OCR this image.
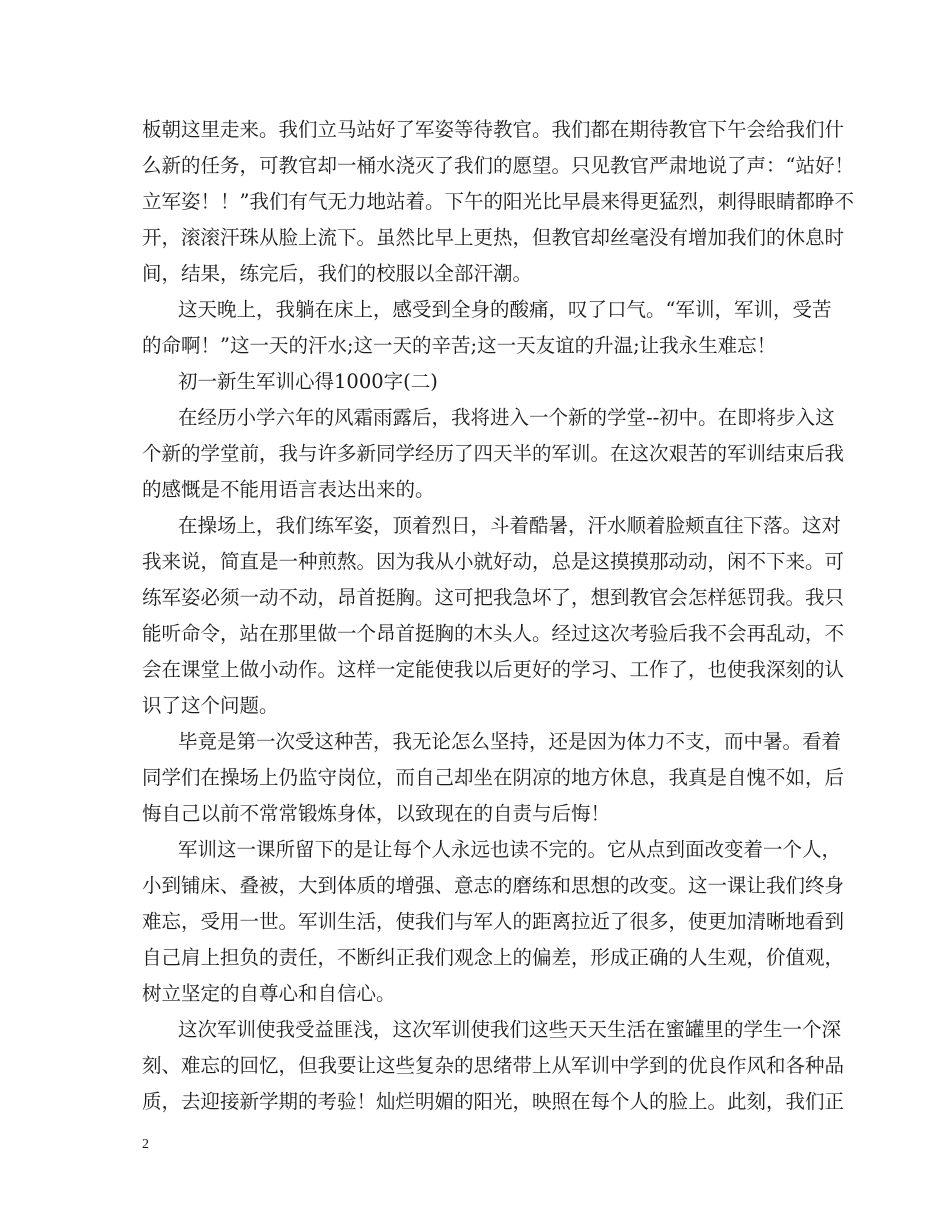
板朝这里走来。我们立马站好了军姿等待教官。我们都在期待教官下午会给我们什
么新的任务，可教官却一桶水浇灭了我们的愿望。只见教官严肃地说了声：“站好！
立军姿！！”我们有气无力地站着。下午的阳光比早晨来得更猛烈，刺得眼睛都睁不
开，滚滚汗珠从脸上流下。虽然比早上更热，但教官却丝毫没有增加我们的休息时
间，结果，练完后，我们的校服以全部汗潮。
这天晚上，我躺在床上，感受到全身的酸痛，叹了口气。“军训，军训，受苦
的命啊！”这一天的汗水;这一天的辛苦;这一天友谊的升温;让我永生难忘！
初一新生军训心得1000字(二)
在经历小学六年的风霜雨露后，我将进入一个新的学堂--初中。在即将步入这
个新的学堂前，我与许多新同学经历了四天半的军训。在这次艰苦的军训结束后我
的感慨是不能用语言表达出来的。
在操场上，我们练军姿，顶着烈日，斗着酷暑，汗水顺着脸颊直往下落。这对
我来说，简直是一种煎熬。因为我从小就好动，总是这摸摸那动动，闲不下来。可
练军姿必须一动不动，昂首挺胸。这可把我急坏了，想到教官会怎样惩罚我。我只
能听命令，站在那里做一个昂首挺胸的木头人。经过这次考验后我不会再乱动，不
会在课堂上做小动作。这样一定能使我以后更好的学习、工作了，也使我深刻的认
识了这个问题。
毕竟是第一次受这种苦，我无论怎么坚持，还是因为体力不支，而中暑。看着
同学们在操场上仍监守岗位，而自己却坐在阴凉的地方休息，我真是自愧不如，后
悔自己以前不常常锻炼身体，以致现在的自责与后悔！
军训这一课所留下的是让每个人永远也读不完的。它从点到面改变着一个人，
小到铺床、叠被，大到体质的增强、意志的磨练和思想的改变。这一课让我们终身
难忘，受用一世。军训生活，使我们与军人的距离拉近了很多，使更加清晰地看到
自己肩上担负的责任，不断纠正我们观念上的偏差，形成正确的人生观，价值观，
树立坚定的自尊心和自信心。
这次军训使我受益匪浅，这次军训使我们这些天天生活在蜜罐里的学生一个深
刻、难忘的回忆，但我要让这些复杂的思绪带上从军训中学到的优良作风和各种品
质，去迎接新学期的考验！灿烂明媚的阳光，映照在每个人的脸上。此刻，我们正
2
